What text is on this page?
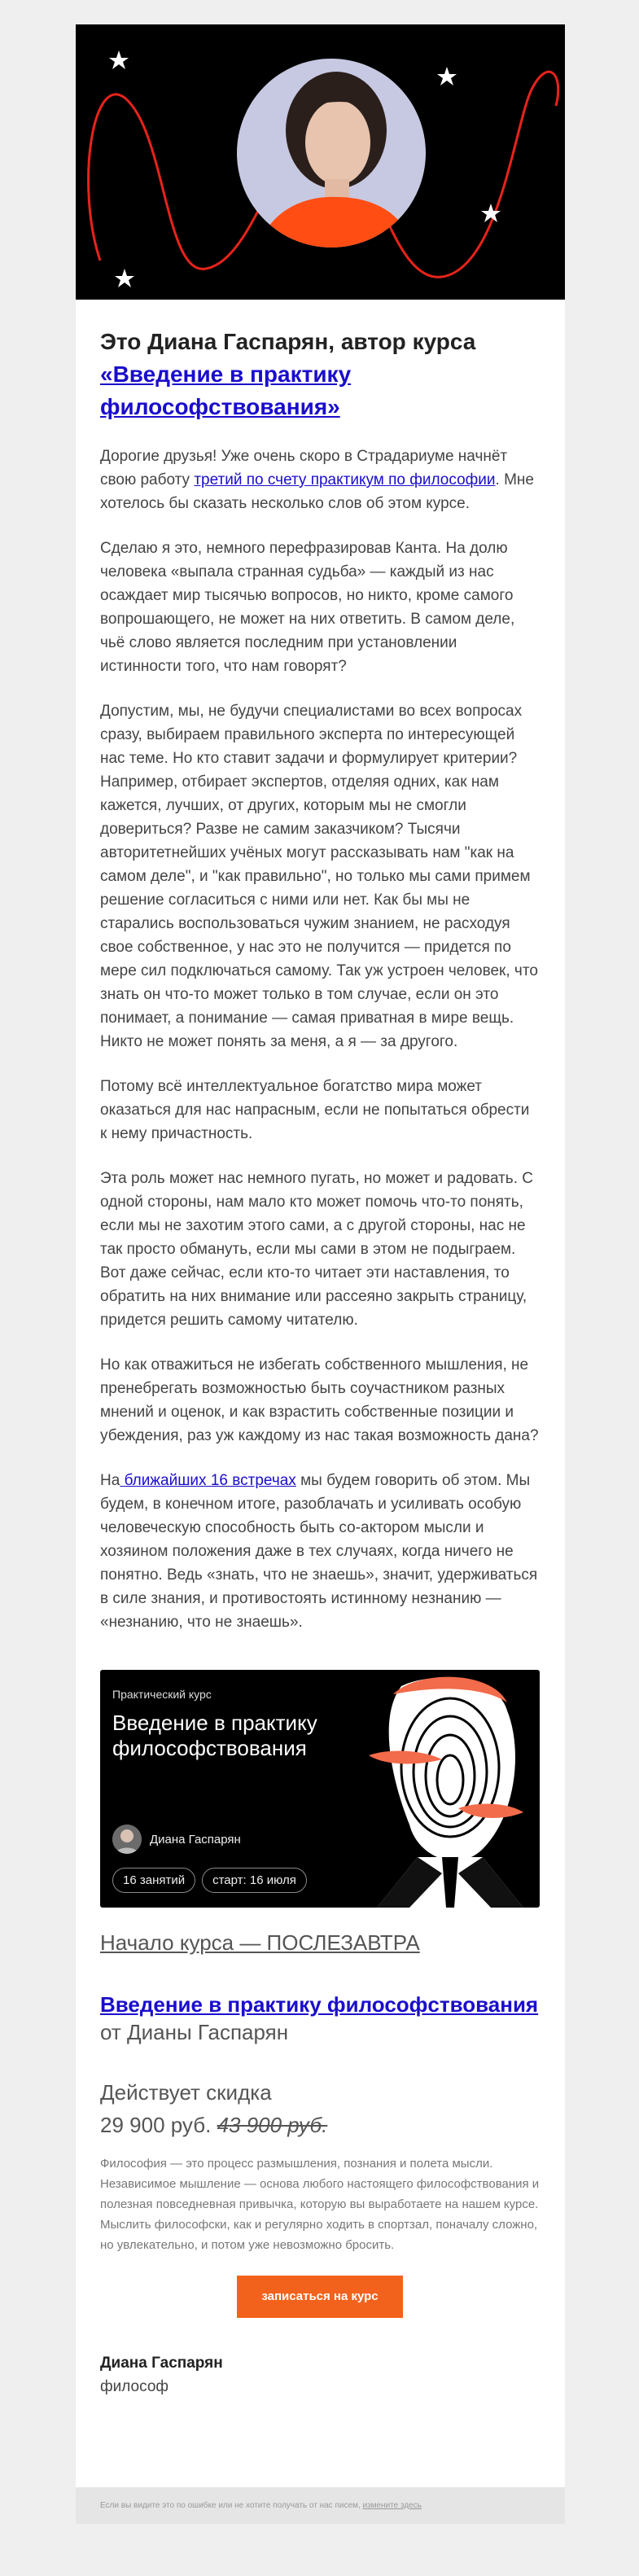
Это Диана Гаспарян, автор курса
«Введение в практику философствования»

Дорогие друзья! Уже очень скоро в Страдариуме начнёт свою работу третий по счету практикум по философии. Мне хотелось бы сказать несколько слов об этом курсе.

Сделаю я это, немного перефразировав Канта. На долю человека «выпала странная судьба» — каждый из нас осаждает мир тысячью вопросов, но никто, кроме самого вопрошающего, не может на них ответить. В самом деле, чьё слово является последним при установлении истинности того, что нам говорят?

Допустим, мы, не будучи специалистами во всех вопросах сразу, выбираем правильного эксперта по интересующей нас теме. Но кто ставит задачи и формулирует критерии? Например, отбирает экспертов, отделяя одних, как нам кажется, лучших, от других, которым мы не смогли довериться? Разве не самим заказчиком? Тысячи авторитетнейших учёных могут рассказывать нам "как на самом деле", и "как правильно", но только мы сами примем решение согласиться с ними или нет. Как бы мы не старались воспользоваться чужим знанием, не расходуя свое собственное, у нас это не получится — придется по мере сил подключаться самому. Так уж устроен человек, что знать он что-то может только в том случае, если он это понимает, а понимание — самая приватная в мире вещь. Никто не может понять за меня, а я — за другого.

Потому всё интеллектуальное богатство мира может оказаться для нас напрасным, если не попытаться обрести к нему причастность.

Эта роль может нас немного пугать, но может и радовать. С одной стороны, нам мало кто может помочь что-то понять, если мы не захотим этого сами, а с другой стороны, нас не так просто обмануть, если мы сами в этом не подыграем. Вот даже сейчас, если кто-то читает эти наставления, то обратить на них внимание или рассеяно закрыть страницу, придется решить самому читателю.

Но как отважиться не избегать собственного мышления, не пренебрегать возможностью быть соучастником разных мнений и оценок, и как взрастить собственные позиции и убеждения, раз уж каждому из нас такая возможность дана?

На ближайших 16 встречах мы будем говорить об этом. Мы будем, в конечном итоге, разоблачать и усиливать особую человеческую способность быть со-актором мысли и хозяином положения даже в тех случаях, когда ничего не понятно. Ведь «знать, что не знаешь», значит, удерживаться в силе знания, и противостоять истинному незнанию — «незнанию, что не знаешь».

Практический курс
Введение в практику философствования
Диана Гаспарян
16 занятий	старт: 16 июля
Начало курса — ПОСЛЕЗАВТРА
Введение в практику философствования
от Дианы Гаспарян
Действует скидка
29 900 руб. 43 900 руб.

Философия — это процесс размышления, познания и полета мысли. Независимое мышление — основа любого настоящего философствования и полезная повседневная привычка, которую вы выработаете на нашем курсе. Мыслить философски, как и регулярно ходить в спортзал, поначалу сложно, но увлекательно, и потом уже невозможно бросить.

записаться на курс
Диана Гаспарян
философ
Если вы видите это по ошибке или не хотите получать от нас писем, измените здесь
